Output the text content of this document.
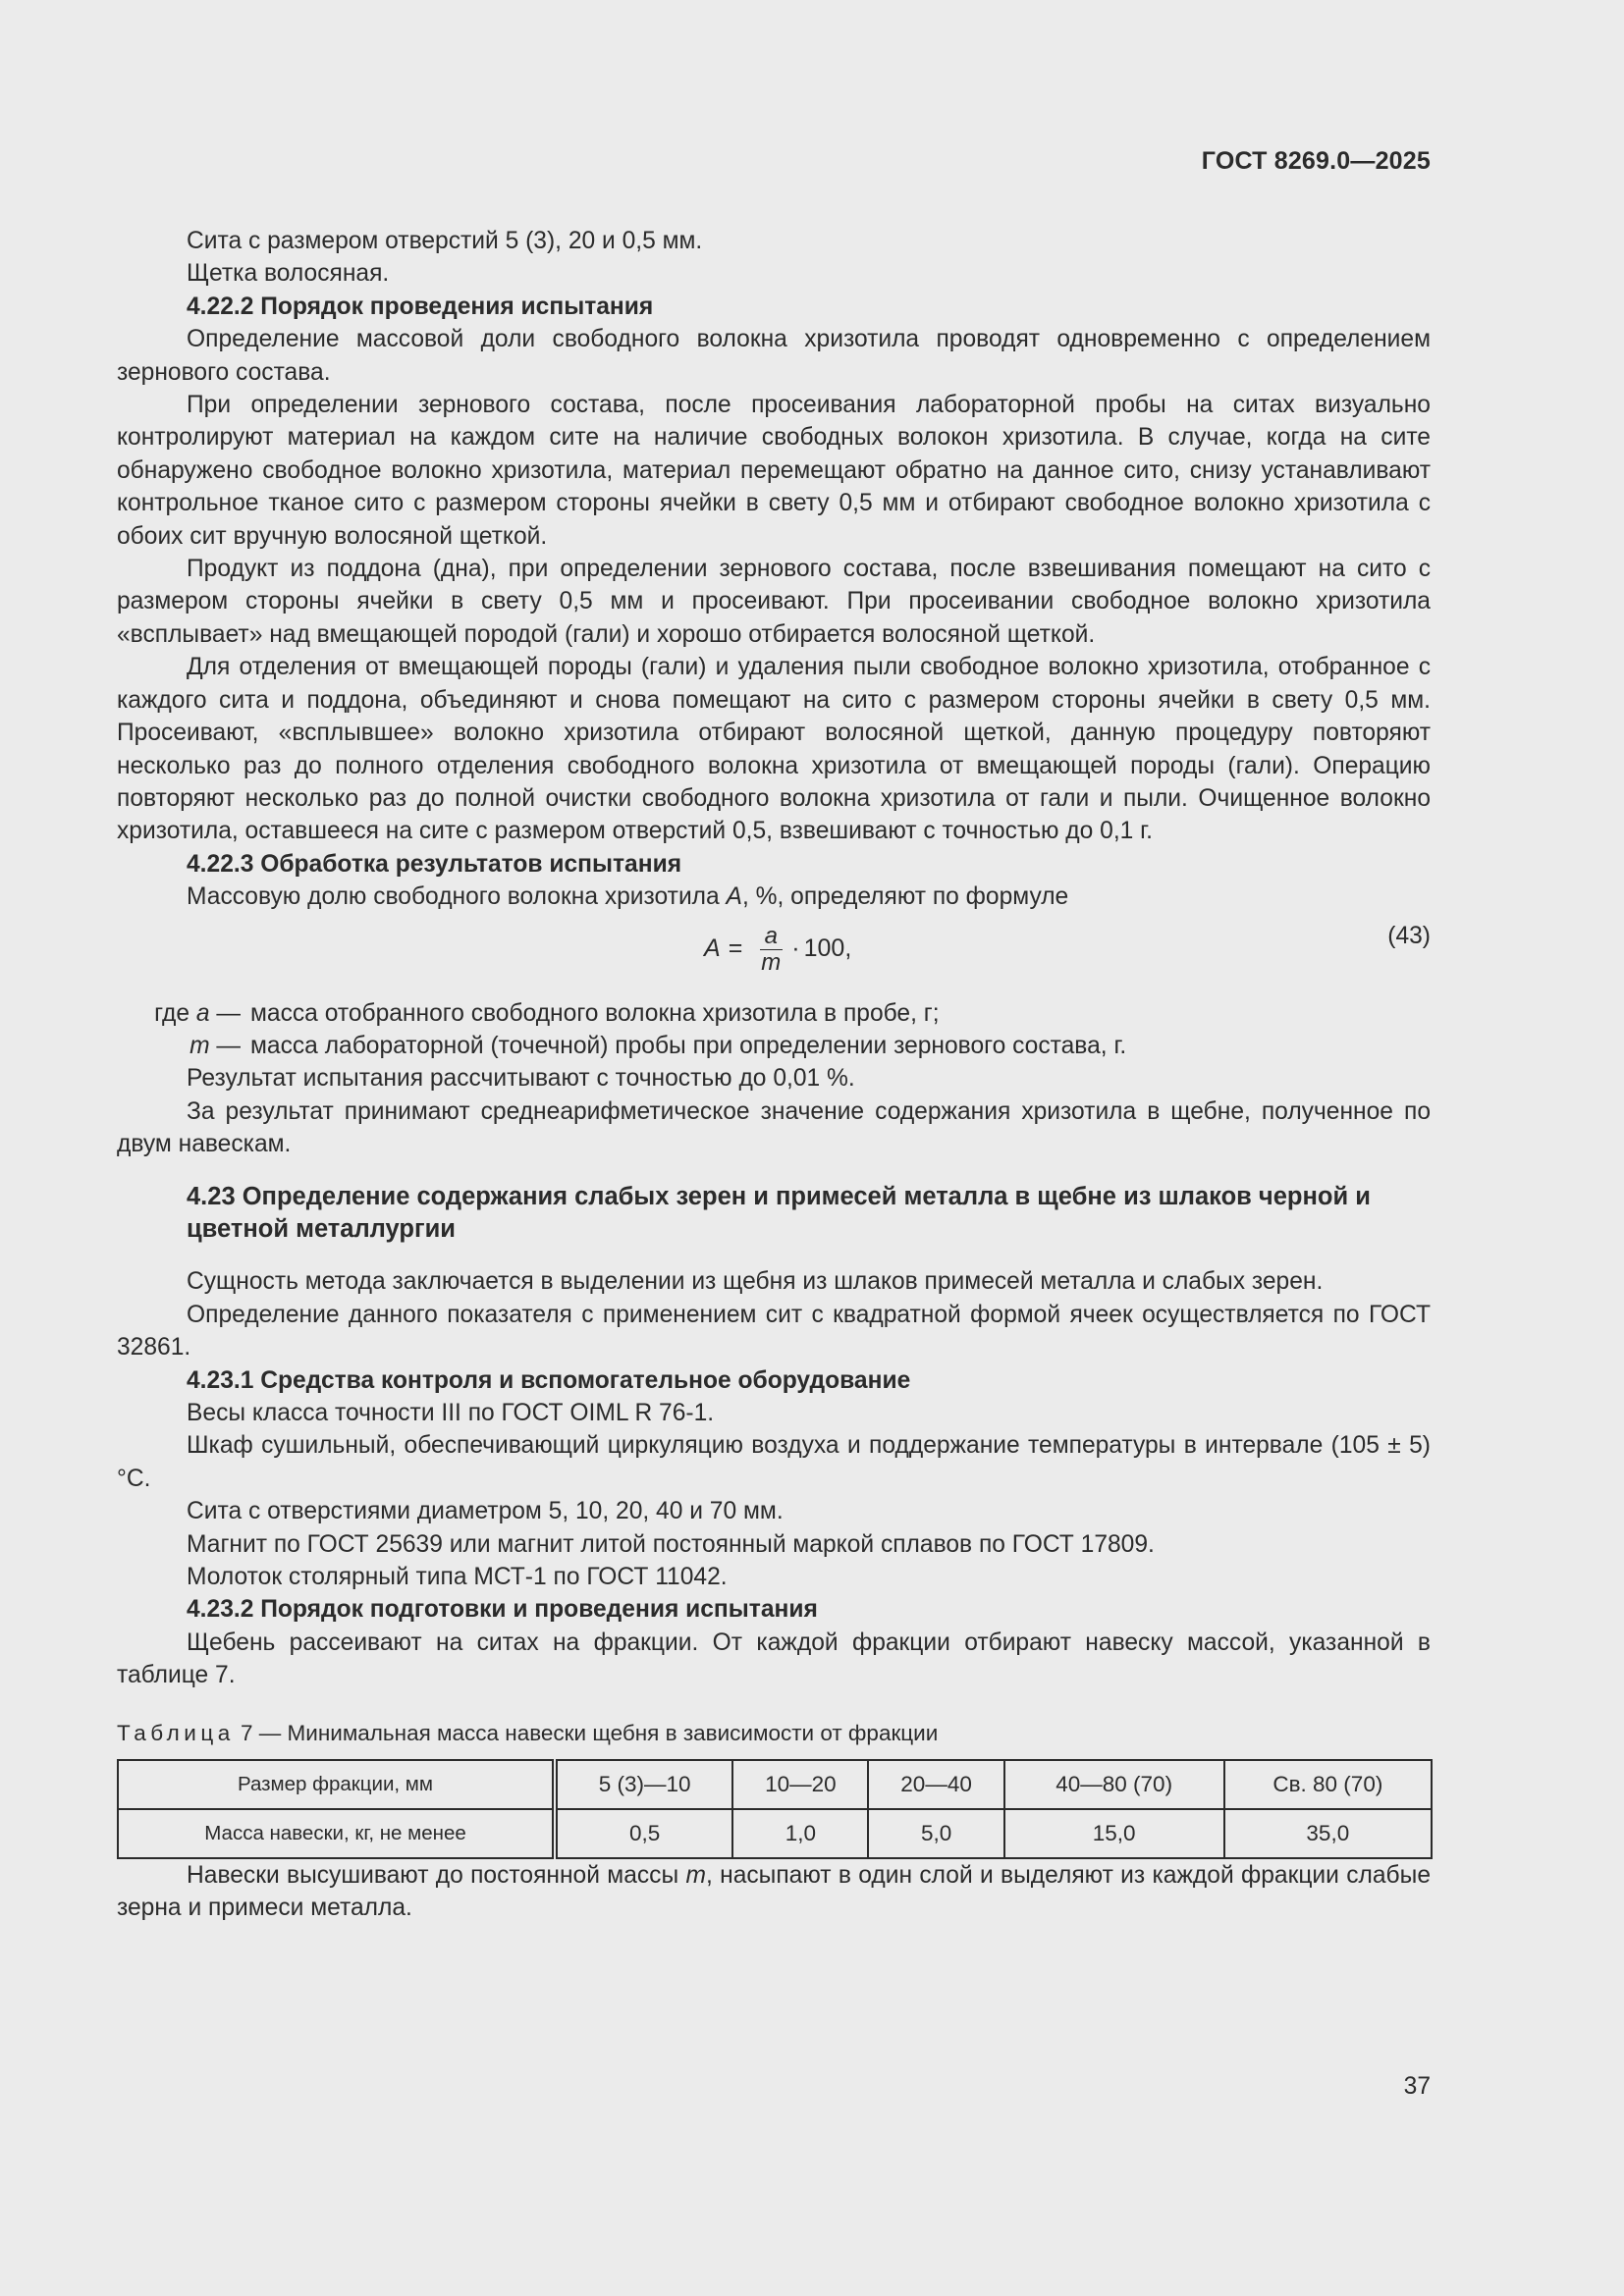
ГОСТ 8269.0—2025

Сита с размером отверстий 5 (3), 20 и 0,5 мм.

Щетка волосяная.

4.22.2 Порядок проведения испытания

Определение массовой доли свободного волокна хризотила проводят одновременно с определением зернового состава.

При определении зернового состава, после просеивания лабораторной пробы на ситах визуально контролируют материал на каждом сите на наличие свободных волокон хризотила. В случае, когда на сите обнаружено свободное волокно хризотила, материал перемещают обратно на данное сито, снизу устанавливают контрольное тканое сито с размером стороны ячейки в свету 0,5 мм и отбирают свободное волокно хризотила с обоих сит вручную волосяной щеткой.

Продукт из поддона (дна), при определении зернового состава, после взвешивания помещают на сито с размером стороны ячейки в свету 0,5 мм и просеивают. При просеивании свободное волокно хризотила «всплывает» над вмещающей породой (гали) и хорошо отбирается волосяной щеткой.

Для отделения от вмещающей породы (гали) и удаления пыли свободное волокно хризотила, отобранное с каждого сита и поддона, объединяют и снова помещают на сито с размером стороны ячейки в свету 0,5 мм. Просеивают, «всплывшее» волокно хризотила отбирают волосяной щеткой, данную процедуру повторяют несколько раз до полного отделения свободного волокна хризотила от вмещающей породы (гали). Операцию повторяют несколько раз до полной очистки свободного волокна хризотила от гали и пыли. Очищенное волокно хризотила, оставшееся на сите с размером отверстий 0,5, взвешивают с точностью до 0,1 г.

4.22.3 Обработка результатов испытания

Массовую долю свободного волокна хризотила A, %, определяют по формуле

$A = \frac{a}{m} \cdot 100$,	(43)
где a — масса отобранного свободного волокна хризотила в пробе, г;
m — масса лабораторной (точечной) пробы при определении зернового состава, г.

Результат испытания рассчитывают с точностью до 0,01 %.

За результат принимают среднеарифметическое значение содержания хризотила в щебне, полученное по двум навескам.

4.23 Определение содержания слабых зерен и примесей металла в щебне из шлаков черной и цветной металлургии

Сущность метода заключается в выделении из щебня из шлаков примесей металла и слабых зерен.

Определение данного показателя с применением сит с квадратной формой ячеек осуществляется по ГОСТ 32861.

4.23.1 Средства контроля и вспомогательное оборудование

Весы класса точности III по ГОСТ OIML R 76-1.

Шкаф сушильный, обеспечивающий циркуляцию воздуха и поддержание температуры в интервале (105 ± 5) °С.

Сита с отверстиями диаметром 5, 10, 20, 40 и 70 мм.

Магнит по ГОСТ 25639 или магнит литой постоянный маркой сплавов по ГОСТ 17809.

Молоток столярный типа МСТ-1 по ГОСТ 11042.

4.23.2 Порядок подготовки и проведения испытания

Щебень рассеивают на ситах на фракции. От каждой фракции отбирают навеску массой, указанной в таблице 7.

Таблица 7 — Минимальная масса навески щебня в зависимости от фракции
Размер фракции, мм	5 (3)—10	10—20	20—40	40—80 (70)	Св. 80 (70)
Масса навески, кг, не менее	0,5	1,0	5,0	15,0	35,0

Навески высушивают до постоянной массы m, насыпают в один слой и выделяют из каждой фракции слабые зерна и примеси металла.

37
